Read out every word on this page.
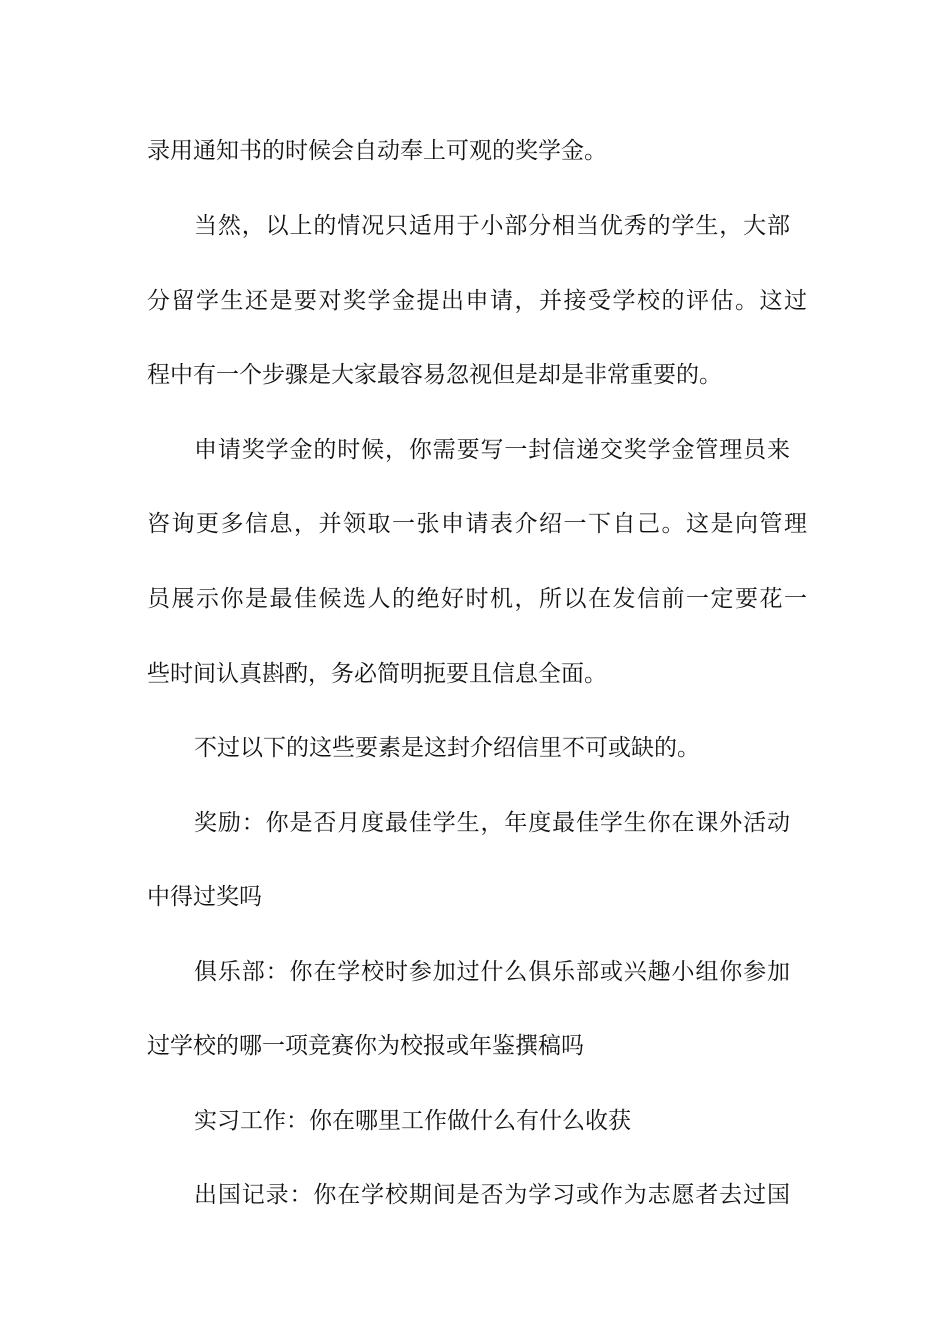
录用通知书的时候会自动奉上可观的奖学金。

当然，以上的情况只适用于小部分相当优秀的学生，大部

分留学生还是要对奖学金提出申请，并接受学校的评估。这过

程中有一个步骤是大家最容易忽视但是却是非常重要的。

申请奖学金的时候，你需要写一封信递交奖学金管理员来

咨询更多信息，并领取一张申请表介绍一下自己。这是向管理

员展示你是最佳候选人的绝好时机，所以在发信前一定要花一

些时间认真斟酌，务必简明扼要且信息全面。

不过以下的这些要素是这封介绍信里不可或缺的。

奖励：你是否月度最佳学生，年度最佳学生你在课外活动

中得过奖吗

俱乐部：你在学校时参加过什么俱乐部或兴趣小组你参加

过学校的哪一项竞赛你为校报或年鉴撰稿吗

实习工作：你在哪里工作做什么有什么收获

出国记录：你在学校期间是否为学习或作为志愿者去过国
